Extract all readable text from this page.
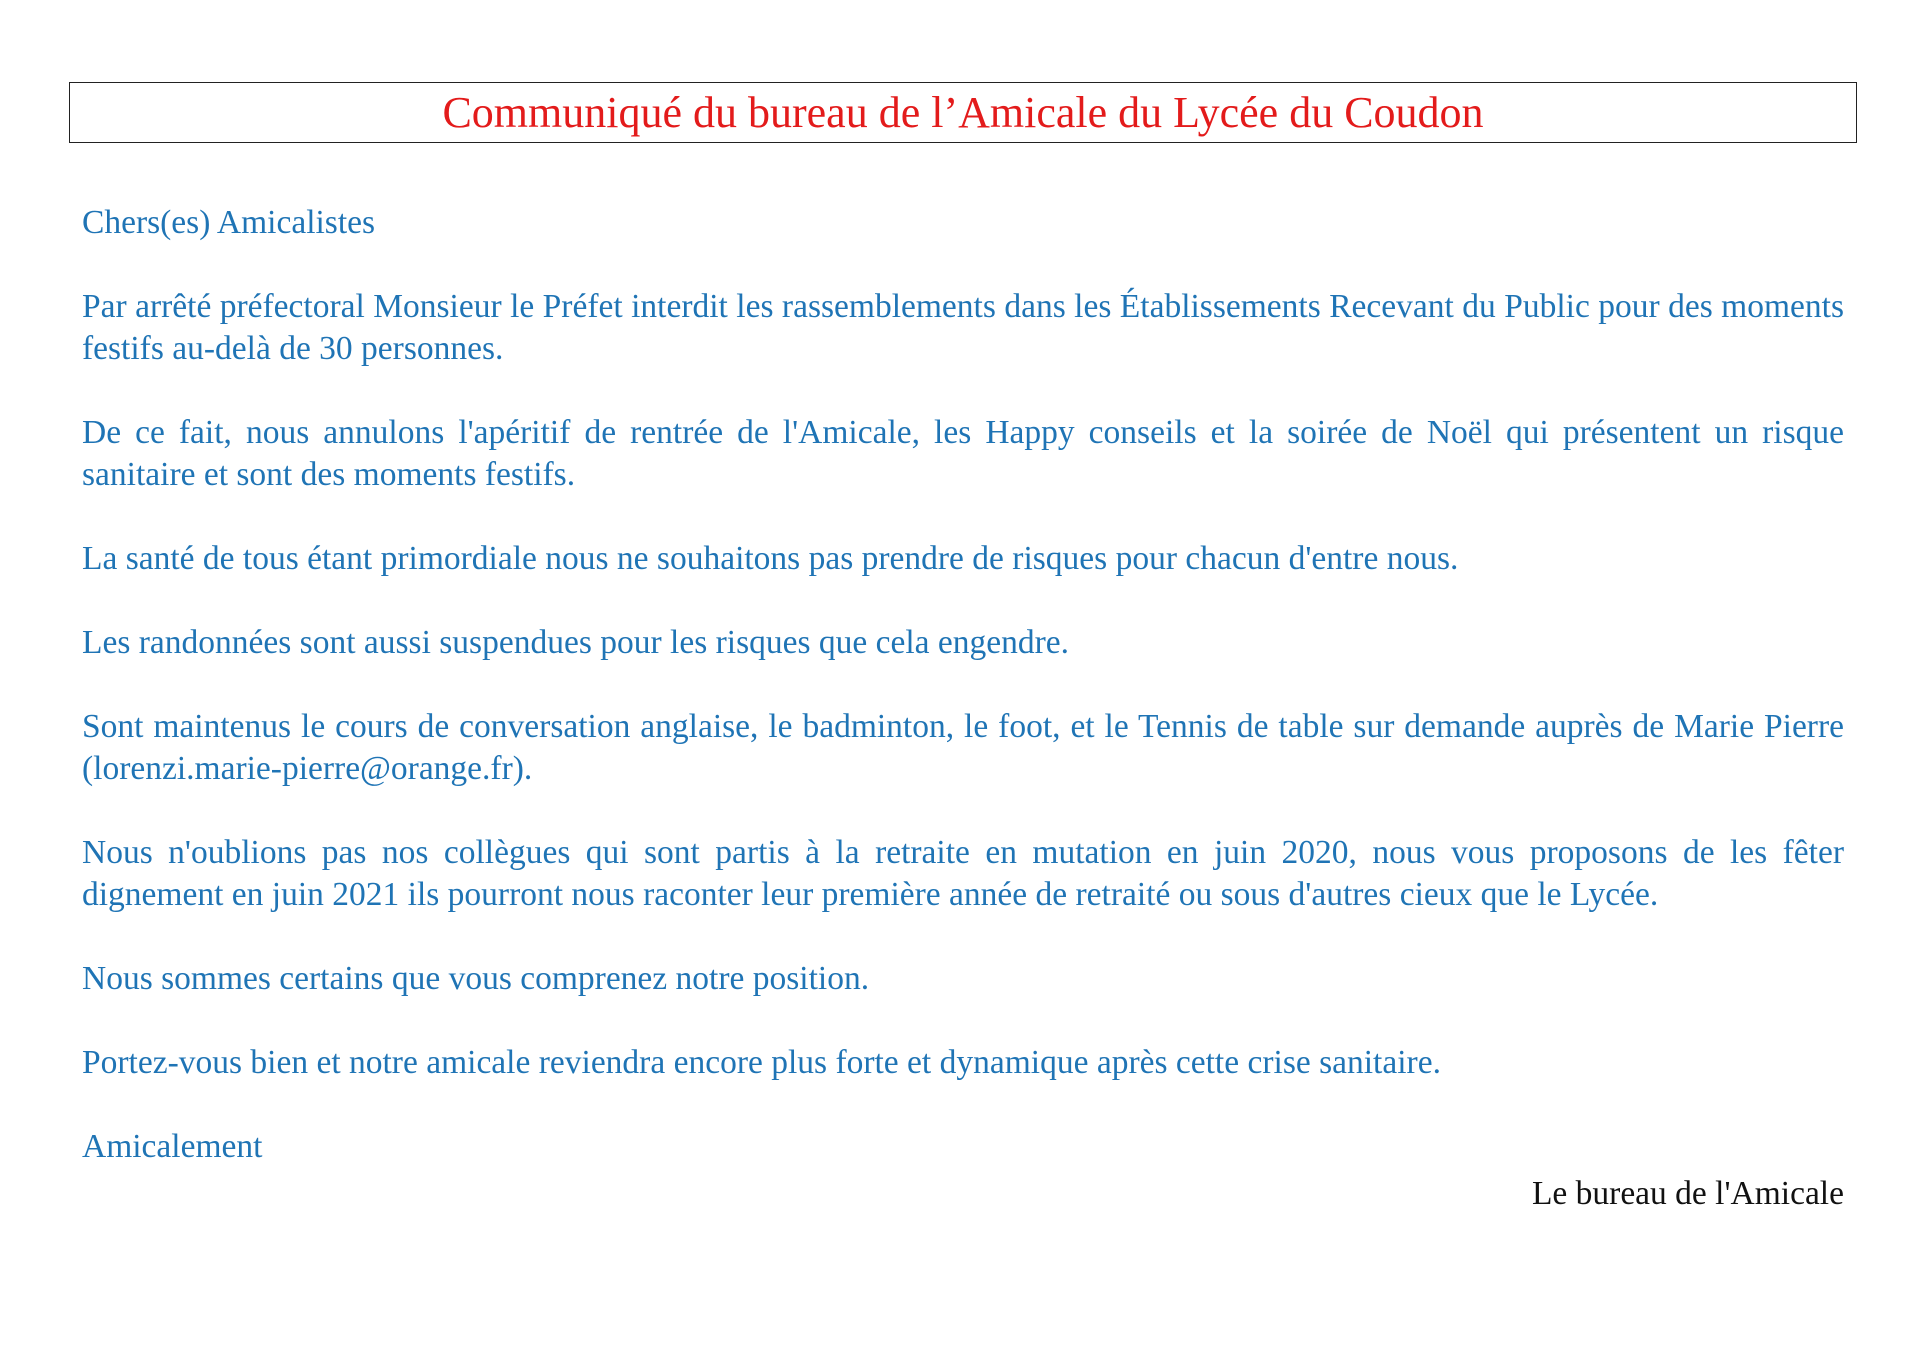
Communiqué du bureau de l’Amicale du Lycée du Coudon

Chers(es) Amicalistes

Par arrêté préfectoral Monsieur le Préfet interdit les rassemblements dans les Établissements Recevant du Public pour des moments festifs au-delà de 30 personnes.

De ce fait, nous annulons l'apéritif de rentrée de l'Amicale, les Happy conseils et la soirée de Noël qui présentent un risque sanitaire et sont des moments festifs.

La santé de tous étant primordiale nous ne souhaitons pas prendre de risques pour chacun d'entre nous.

Les randonnées sont aussi suspendues pour les risques que cela engendre.

Sont maintenus le cours de conversation anglaise, le badminton, le foot, et le Tennis de table sur demande auprès de Marie Pierre (lorenzi.marie-pierre@orange.fr).

Nous n'oublions pas nos collègues qui sont partis à la retraite en mutation en juin 2020, nous vous proposons de les fêter dignement en juin 2021 ils pourront nous raconter leur première année de retraité ou sous d'autres cieux que le Lycée.

Nous sommes certains que vous comprenez notre position.

Portez-vous bien et notre amicale reviendra encore plus forte et dynamique après cette crise sanitaire.

Amicalement

Le bureau de l'Amicale
